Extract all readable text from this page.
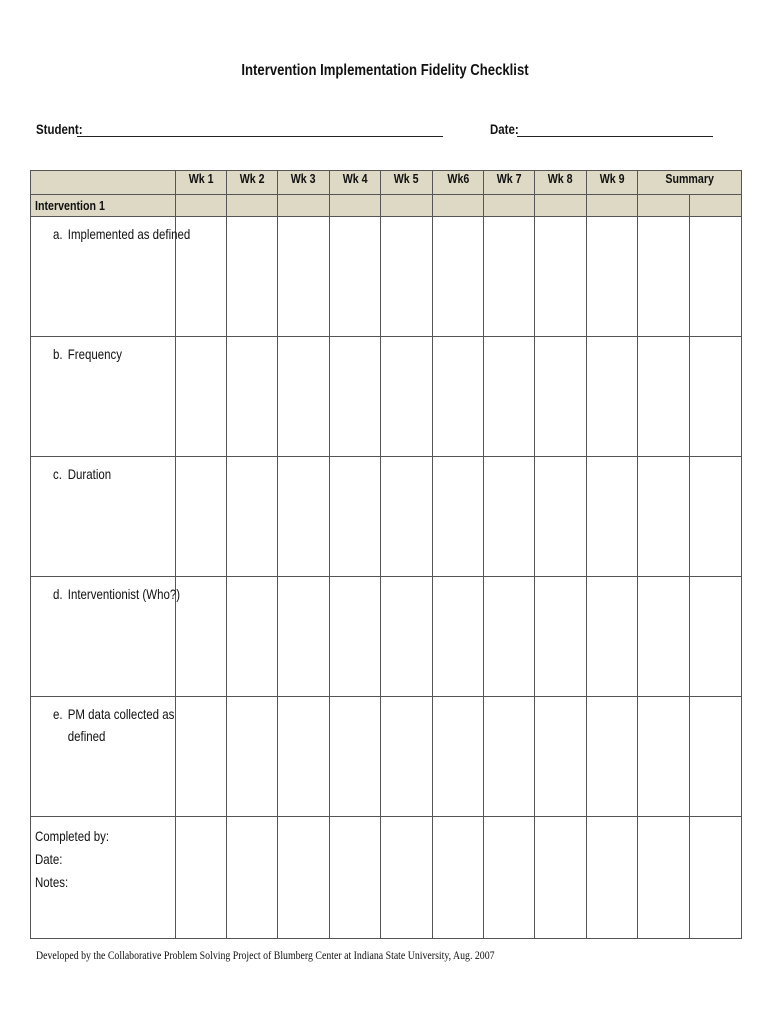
Intervention Implementation Fidelity Checklist
Student:	Date:
	Wk 1	Wk 2	Wk 3	Wk 4	Wk 5	Wk6	Wk 7	Wk 8	Wk 9	Summary	
Intervention 1											

a. Implemented as defined											

b. Frequency											

c. Duration											

d. Interventionist (Who?)											

e. PM data collected as defined											

Completed by:
Date:
Notes:											

Developed by the Collaborative Problem Solving Project of Blumberg Center at Indiana State University, Aug. 2007
